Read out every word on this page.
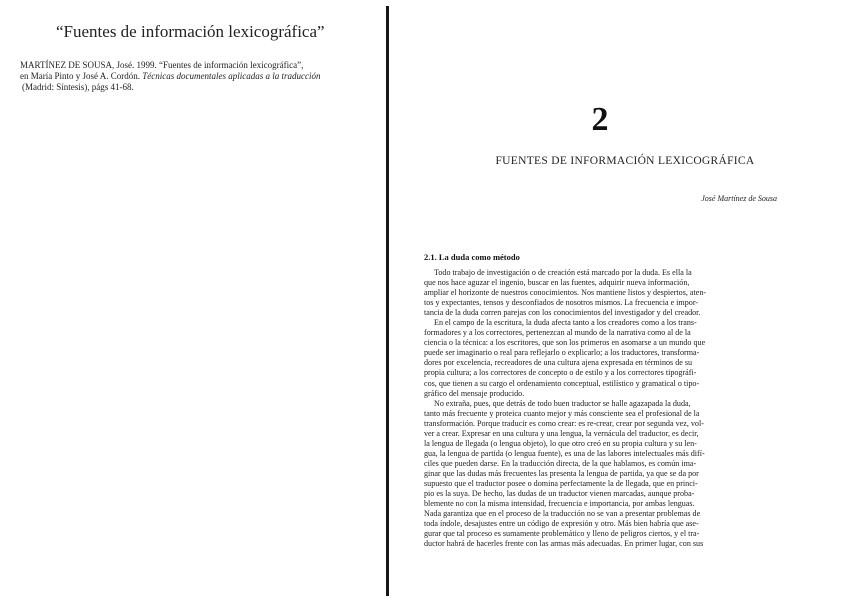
“Fuentes de información lexicográfica”
MARTÍNEZ DE SOUSA, José. 1999. “Fuentes de información lexicográfica”,
en María Pinto y José A. Cordón. Técnicas documentales aplicadas a la traducción
(Madrid: Síntesis), págs 41-68.
2
FUENTES DE INFORMACIÓN LEXICOGRÁFICA
José Martínez de Sousa
2.1. La duda como método
Todo trabajo de investigación o de creación está marcado por la duda. Es ella la
que nos hace aguzar el ingenio, buscar en las fuentes, adquirir nueva información,
ampliar el horizonte de nuestros conocimientos. Nos mantiene listos y despiertos, aten-
tos y expectantes, tensos y desconfiados de nosotros mismos. La frecuencia e impor-
tancia de la duda corren parejas con los conocimientos del investigador y del creador.
En el campo de la escritura, la duda afecta tanto a los creadores como a los trans-
formadores y a los correctores, pertenezcan al mundo de la narrativa como al de la
ciencia o la técnica: a los escritores, que son los primeros en asomarse a un mundo que
puede ser imaginario o real para reflejarlo o explicarlo; a los traductores, transforma-
dores por excelencia, recreadores de una cultura ajena expresada en términos de su
propia cultura; a los correctores de concepto o de estilo y a los correctores tipográfi-
cos, que tienen a su cargo el ordenamiento conceptual, estilístico y gramatical o tipo-
gráfico del mensaje producido.
No extraña, pues, que detrás de todo buen traductor se halle agazapada la duda,
tanto más frecuente y proteica cuanto mejor y más consciente sea el profesional de la
transformación. Porque traducir es como crear: es re-crear, crear por segunda vez, vol-
ver a crear. Expresar en una cultura y una lengua, la vernácula del traductor, es decir,
la lengua de llegada (o lengua objeto), lo que otro creó en su propia cultura y su len-
gua, la lengua de partida (o lengua fuente), es una de las labores intelectuales más difí-
ciles que pueden darse. En la traducción directa, de la que hablamos, es común ima-
ginar que las dudas más frecuentes las presenta la lengua de partida, ya que se da por
supuesto que el traductor posee o domina perfectamente la de llegada, que en princi-
pio es la suya. De hecho, las dudas de un traductor vienen marcadas, aunque proba-
blemente no con la misma intensidad, frecuencia e importancia, por ambas lenguas.
Nada garantiza que en el proceso de la traducción no se van a presentar problemas de
toda índole, desajustes entre un código de expresión y otro. Más bien habría que ase-
gurar que tal proceso es sumamente problemático y lleno de peligros ciertos, y el tra-
ductor habrá de hacerles frente con las armas más adecuadas. En primer lugar, con sus
